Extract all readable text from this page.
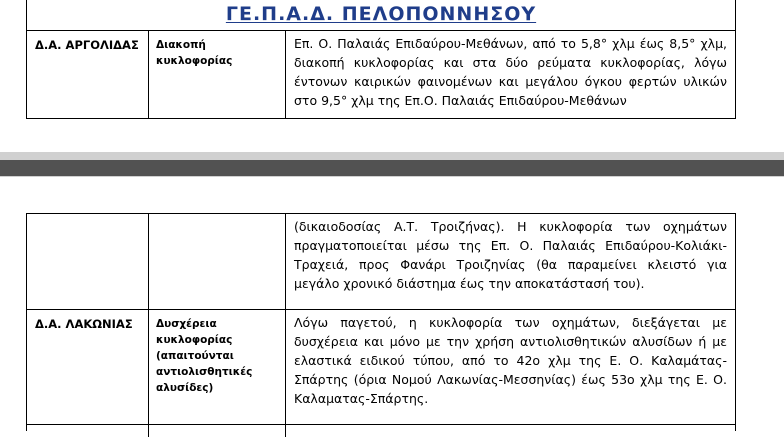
ΓΕ.Π.Α.Δ. ΠΕΛΟΠΟΝΝΗΣΟΥ
Δ.Α. ΑΡΓΟΛΙΔΑΣ Διακοπή κυκλοφορίας
Επ. Ο. Παλαιάς Επιδαύρου-Μεθάνων, από το 5,8° χλμ έως 8,5° χλμ, διακοπή κυκλοφορίας και στα δύο ρεύματα κυκλοφορίας, λόγω έντονων καιρικών φαινομένων και μεγάλου όγκου φερτών υλικών στο 9,5° χλμ της Επ.Ο. Παλαιάς Επιδαύρου-Μεθάνων
(δικαιοδοσίας Α.Τ. Τροιζήνας). Η κυκλοφορία των οχημάτων πραγματοποιείται μέσω της Επ. Ο. Παλαιάς Επιδαύρου-Κολιάκι-Τραχειά, προς Φανάρι Τροιζηνίας (θα παραμείνει κλειστό για μεγάλο χρονικό διάστημα έως την αποκατάστασή του).
Δ.Α. ΛΑΚΩΝΙΑΣ	Δυσχέρεια κυκλοφορίας (απαιτούνται αντιολισθητικές αλυσίδες)
Λόγω παγετού, η κυκλοφορία των οχημάτων, διεξάγεται με δυσχέρεια και μόνο με την χρήση αντιολισθητικών αλυσίδων ή με ελαστικά ειδικού τύπου, από το 42ο χλμ της Ε. Ο. Καλαμάτας-Σπάρτης (όρια Νομού Λακωνίας-Μεσσηνίας) έως 53ο χλμ της Ε. Ο. Καλαματας-Σπάρτης.
